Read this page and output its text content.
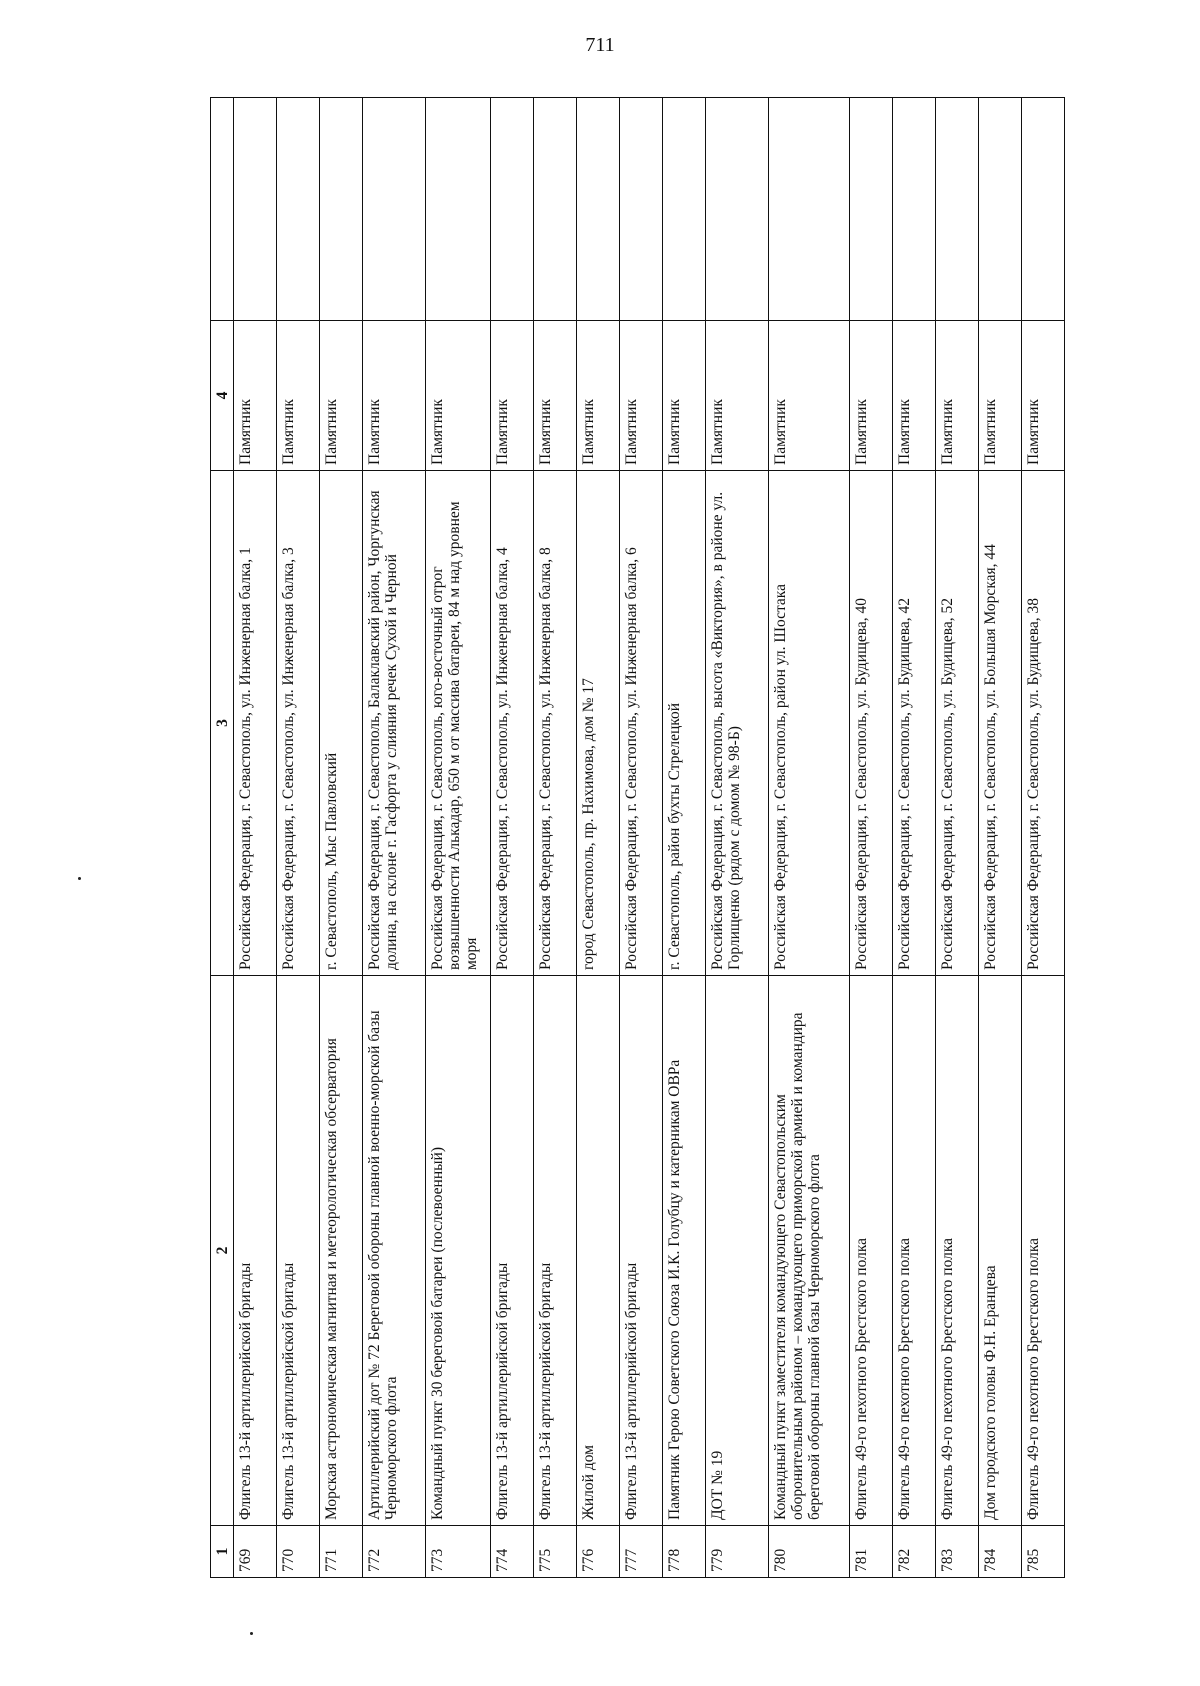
711
1	2	3	4	
769	Флигель 13-й артиллерийской бригады	Российская Федерация, г. Севастополь, ул. Инженерная балка, 1	Памятник	
770	Флигель 13-й артиллерийской бригады	Российская Федерация, г. Севастополь, ул. Инженерная балка, 3	Памятник	
771	Морская астрономическая магнитная и метеорологическая обсерватория	г. Севастополь, Мыс Павловский	Памятник	
772	Артиллерийский дот № 72 Береговой обороны главной военно-морской базы Черноморского флота	Российская Федерация, г. Севастополь, Балаклавский район, Чоргунская долина, на склоне г. Гасфорта у слияния речек Сухой и Черной	Памятник	
773	Командный пункт 30 береговой батареи (послевоенный)	Российская Федерация, г. Севастополь, юго-восточный отрог возвышенности Алькадар, 650 м от массива батареи, 84 м над уровнем моря	Памятник	
774	Флигель 13-й артиллерийской бригады	Российская Федерация, г. Севастополь, ул. Инженерная балка, 4	Памятник	
775	Флигель 13-й артиллерийской бригады	Российская Федерация, г. Севастополь, ул. Инженерная балка, 8	Памятник	
776	Жилой дом	город Севастополь, пр. Нахимова, дом № 17	Памятник	
777	Флигель 13-й артиллерийской бригады	Российская Федерация, г. Севастополь, ул. Инженерная балка, 6	Памятник	
778	Памятник Герою Советского Союза И.К. Голубцу и катерникам ОВРа	г. Севастополь, район бухты Стрелецкой	Памятник	
779	ДОТ № 19	Российская Федерация, г. Севастополь, высота «Виктория», в районе ул. Горлищенко (рядом с домом № 98-Б)	Памятник	
780	Командный пункт заместителя командующего Севастопольским оборонительным районом – командующего приморской армией и командира береговой обороны главной базы Черноморского флота	Российская Федерация, г. Севастополь, район ул. Шостака	Памятник	
781	Флигель 49-го пехотного Брестского полка	Российская Федерация, г. Севастополь, ул. Будищева, 40	Памятник	
782	Флигель 49-го пехотного Брестского полка	Российская Федерация, г. Севастополь, ул. Будищева, 42	Памятник	
783	Флигель 49-го пехотного Брестского полка	Российская Федерация, г. Севастополь, ул. Будищева, 52	Памятник	
784	Дом городского головы Ф.Н. Еранцева	Российская Федерация, г. Севастополь, ул. Большая Морская, 44	Памятник	
785	Флигель 49-го пехотного Брестского полка	Российская Федерация, г. Севастополь, ул. Будищева, 38	Памятник	
